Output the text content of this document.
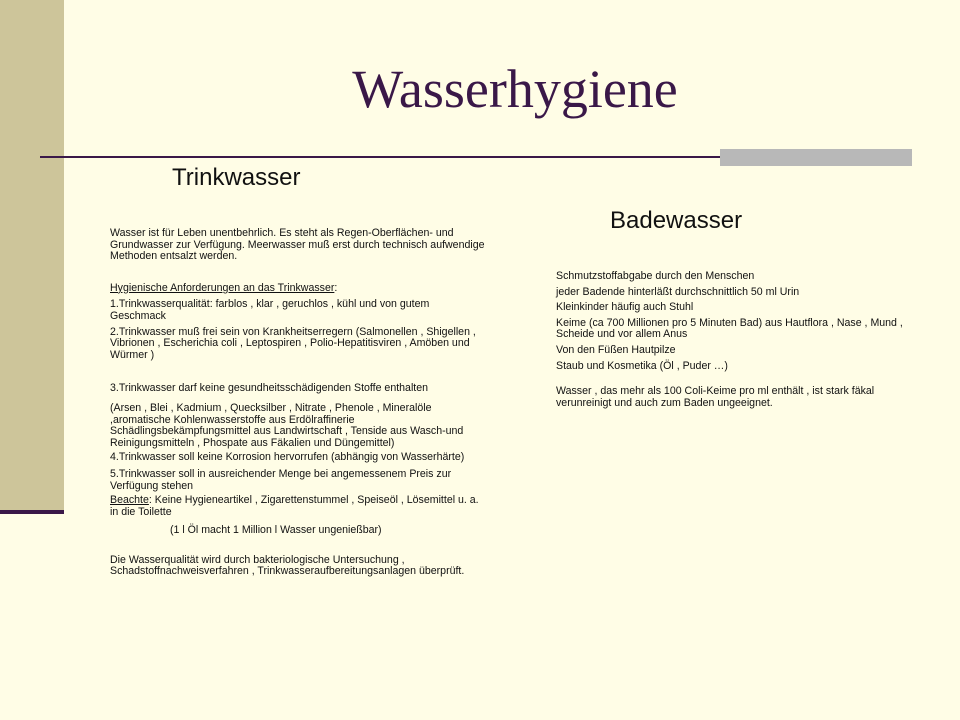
Wasserhygiene
Trinkwasser
Badewasser

Wasser ist für Leben unentbehrlich. Es steht als Regen-Oberflächen- und Grundwasser zur Verfügung. Meerwasser muß erst durch technisch aufwendige Methoden entsalzt werden.

Hygienische Anforderungen an das Trinkwasser:

1.Trinkwasserqualität: farblos , klar , geruchlos , kühl und von gutem Geschmack

2.Trinkwasser muß frei sein von Krankheitserregern (Salmonellen , Shigellen , Vibrionen , Escherichia coli , Leptospiren , Polio-Hepatitisviren , Amöben und Würmer )

3.Trinkwasser darf keine gesundheitsschädigenden Stoffe enthalten

(Arsen , Blei , Kadmium , Quecksilber , Nitrate , Phenole , Mineralöle ,aromatische Kohlenwasserstoffe aus Erdölraffinerie Schädlingsbekämpfungsmittel aus Landwirtschaft , Tenside aus Wasch-und Reinigungsmitteln , Phospate aus Fäkalien und Düngemittel)

4.Trinkwasser soll keine Korrosion hervorrufen (abhängig von Wasserhärte)

5.Trinkwasser soll in ausreichender Menge bei angemessenem Preis zur Verfügung stehen

Beachte: Keine Hygieneartikel , Zigarettenstummel , Speiseöl , Lösemittel u. a. in die Toilette

(1 l Öl macht 1 Million l Wasser ungenießbar)

Die Wasserqualität wird durch bakteriologische Untersuchung , Schadstoffnachweisverfahren , Trinkwasseraufbereitungsanlagen überprüft.

Schmutzstoffabgabe durch den Menschen

jeder Badende hinterläßt durchschnittlich 50 ml Urin

Kleinkinder häufig auch Stuhl

Keime (ca 700 Millionen pro 5 Minuten Bad) aus Hautflora , Nase , Mund , Scheide und vor allem Anus

Von den Füßen Hautpilze

Staub und Kosmetika (Öl , Puder …)

Wasser , das mehr als 100 Coli-Keime pro ml enthält , ist stark fäkal verunreinigt und auch zum Baden ungeeignet.
